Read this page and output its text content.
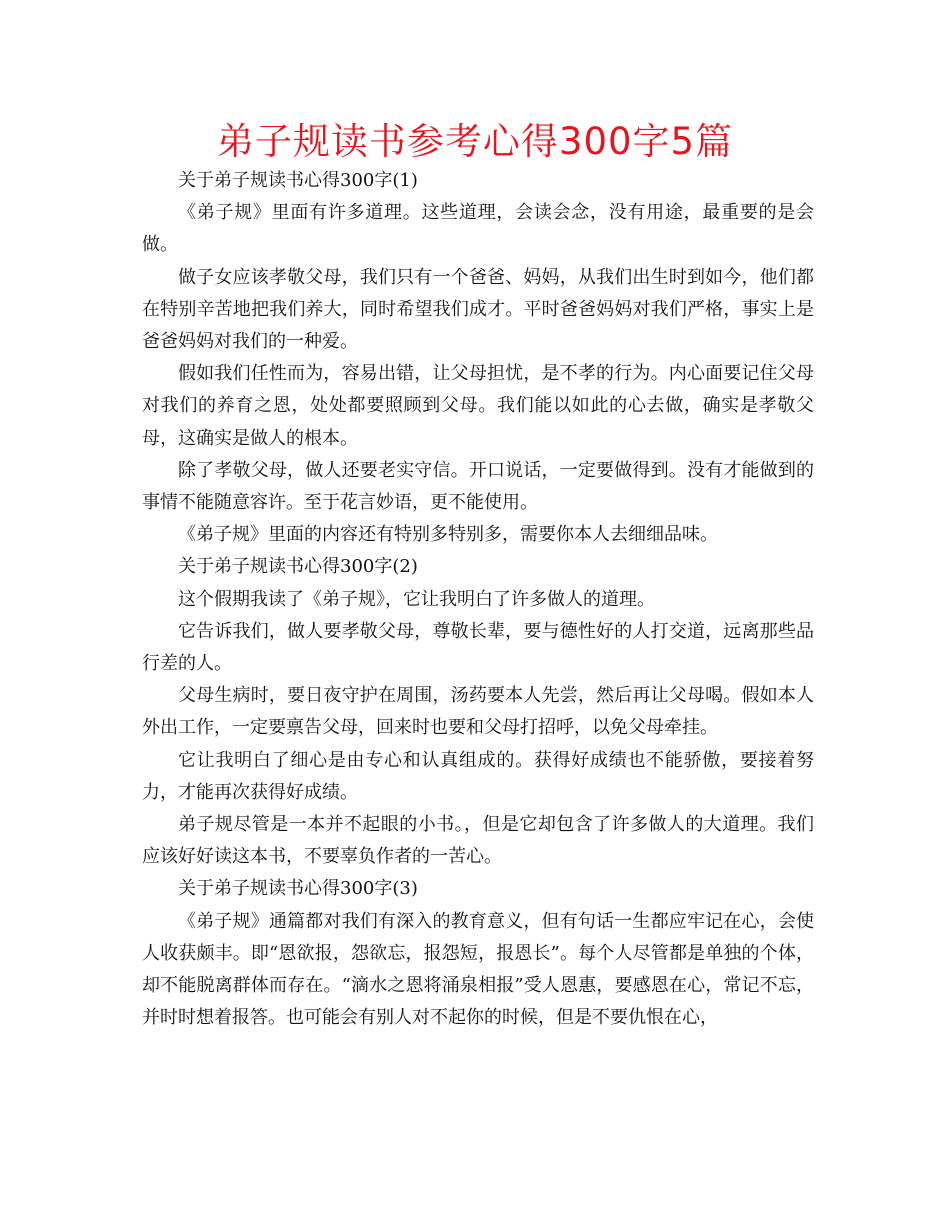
弟子规读书参考心得300字5篇

关于弟子规读书心得300字(1)

《弟子规》里面有许多道理。这些道理，会读会念，没有用途，最重要的是会做。

做子女应该孝敬父母，我们只有一个爸爸、妈妈，从我们出生时到如今，他们都在特别辛苦地把我们养大，同时希望我们成才。平时爸爸妈妈对我们严格，事实上是爸爸妈妈对我们的一种爱。

假如我们任性而为，容易出错，让父母担忧，是不孝的行为。内心面要记住父母对我们的养育之恩，处处都要照顾到父母。我们能以如此的心去做，确实是孝敬父母，这确实是做人的根本。

除了孝敬父母，做人还要老实守信。开口说话，一定要做得到。没有才能做到的事情不能随意容许。至于花言妙语，更不能使用。

《弟子规》里面的内容还有特别多特别多，需要你本人去细细品味。

关于弟子规读书心得300字(2)

这个假期我读了《弟子规》，它让我明白了许多做人的道理。

它告诉我们，做人要孝敬父母，尊敬长辈，要与德性好的人打交道，远离那些品行差的人。

父母生病时，要日夜守护在周围，汤药要本人先尝，然后再让父母喝。假如本人外出工作，一定要禀告父母，回来时也要和父母打招呼，以免父母牵挂。

它让我明白了细心是由专心和认真组成的。获得好成绩也不能骄傲，要接着努力，才能再次获得好成绩。

弟子规尽管是一本并不起眼的小书。，但是它却包含了许多做人的大道理。我们应该好好读这本书，不要辜负作者的一苦心。

关于弟子规读书心得300字(3)

《弟子规》通篇都对我们有深入的教育意义，但有句话一生都应牢记在心，会使人收获颇丰。即“恩欲报，怨欲忘，报怨短，报恩长”。每个人尽管都是单独的个体，却不能脱离群体而存在。“滴水之恩将涌泉相报”受人恩惠，要感恩在心，常记不忘，并时时想着报答。也可能会有别人对不起你的时候，但是不要仇恨在心，
